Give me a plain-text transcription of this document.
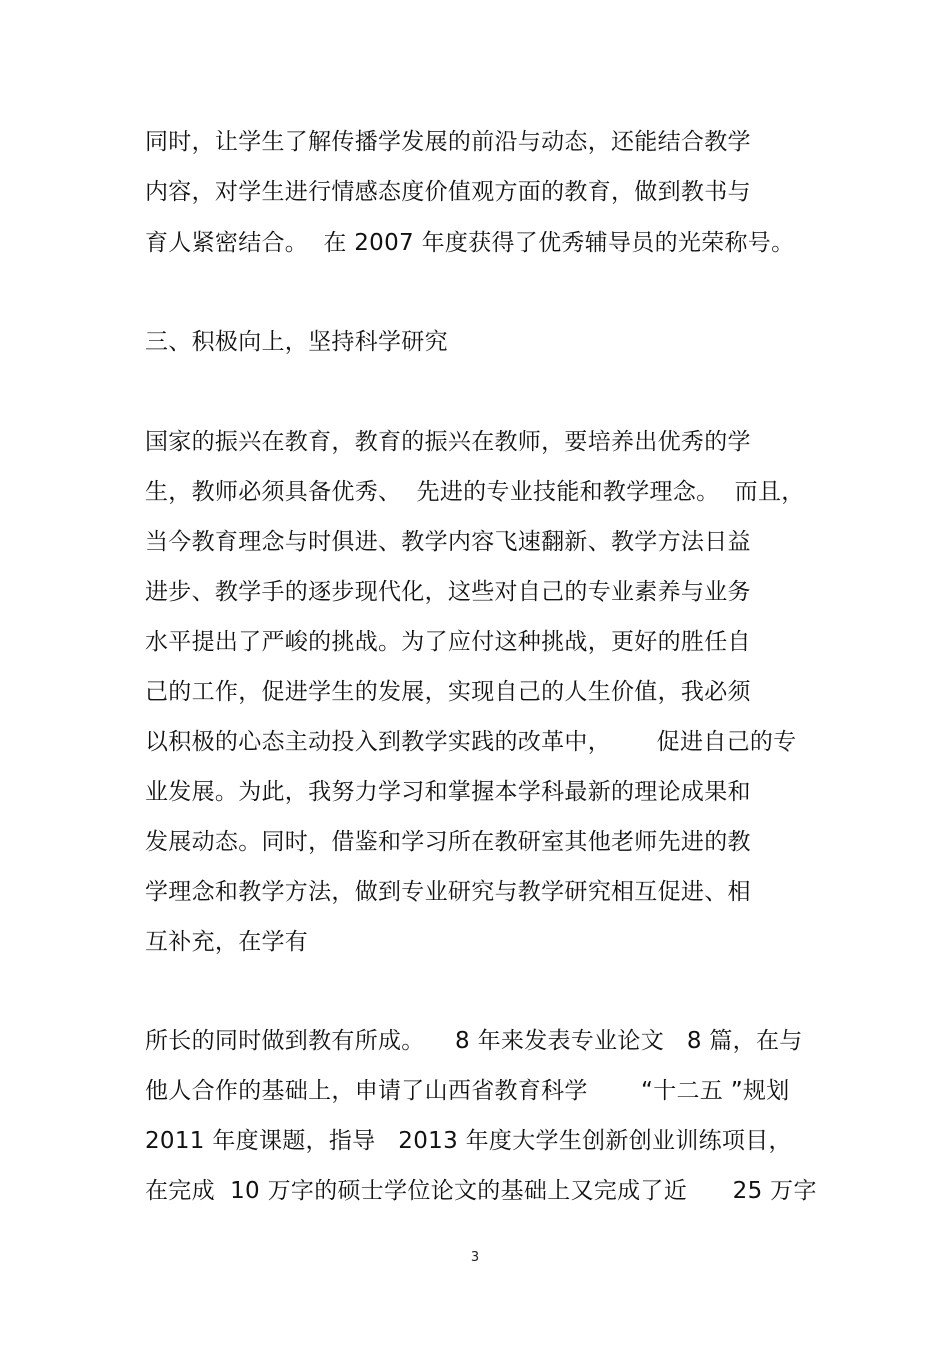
同时，让学生了解传播学发展的前沿与动态，还能结合教学
内容，对学生进行情感态度价值观方面的教育，做到教书与
育人紧密结合。  在 2007 年度获得了优秀辅导员的光荣称号。
三、积极向上，坚持科学研究
国家的振兴在教育，教育的振兴在教师，要培养出优秀的学
生，教师必须具备优秀、  先进的专业技能和教学理念。  而且，
当今教育理念与时俱进、教学内容飞速翻新、教学方法日益
进步、教学手的逐步现代化，这些对自己的专业素养与业务
水平提出了严峻的挑战。为了应付这种挑战，更好的胜任自
己的工作，促进学生的发展，实现自己的人生价值，我必须
以积极的心态主动投入到教学实践的改革中，      促进自己的专
业发展。为此，我努力学习和掌握本学科最新的理论成果和
发展动态。同时，借鉴和学习所在教研室其他老师先进的教
学理念和教学方法，做到专业研究与教学研究相互促进、相
互补充，在学有
所长的同时做到教有所成。    8 年来发表专业论文   8 篇，在与
他人合作的基础上，申请了山西省教育科学       “十二五 ”规划
2011 年度课题，指导   2013 年度大学生创新创业训练项目，
在完成  10 万字的硕士学位论文的基础上又完成了近      25 万字
3
